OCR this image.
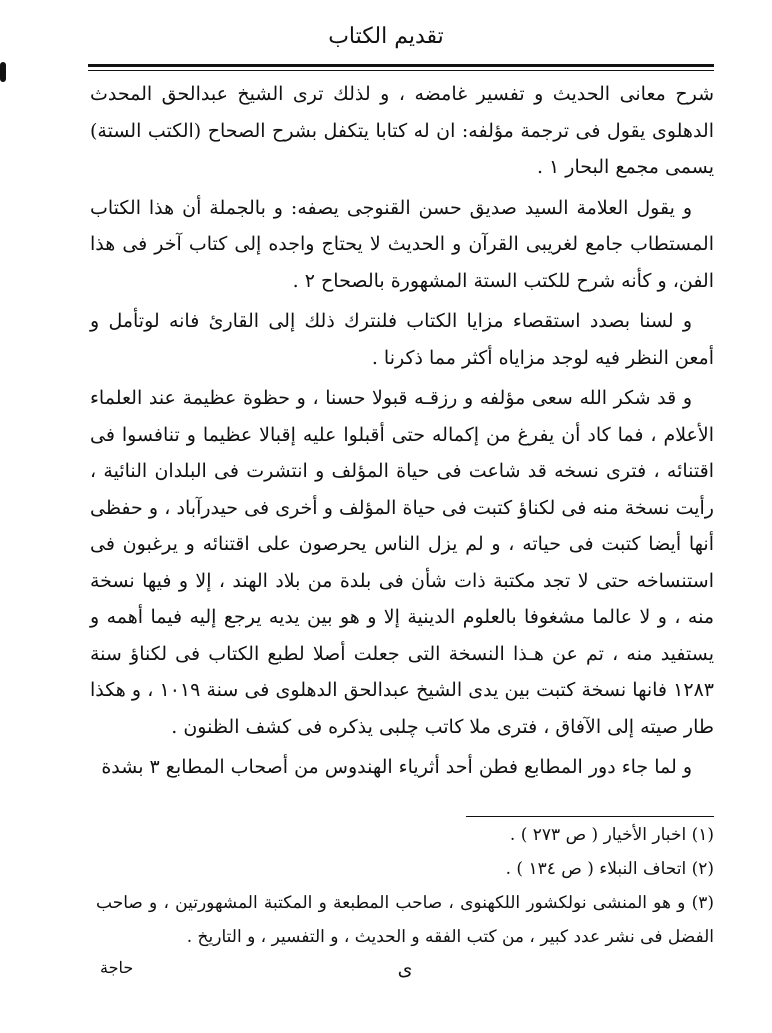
تقديم الكتاب

شرح معانى الحديث و تفسير غامضه ، و لذلك ترى الشيخ عبدالحق المحدث الدهلوى يقول فى ترجمة مؤلفه: ان له كتابا يتكفل بشرح الصحاح (الكتب الستة) يسمى مجمع البحار ١ .

و يقول العلامة السيد صديق حسن القنوجى يصفه: و بالجملة أن هذا الكتاب المستطاب جامع لغريبى القرآن و الحديث لا يحتاج واجده إلى كتاب آخر فى هذا الفن، و كأنه شرح للكتب الستة المشهورة بالصحاح ٢ .

و لسنا بصدد استقصاء مزايا الكتاب فلنترك ذلك إلى القارئ فانه لوتأمل و أمعن النظر فيه لوجد مزاياه أكثر مما ذكرنا .

و قد شكر الله سعى مؤلفه و رزقـه قبولا حسنا ، و حظوة عظيمة عند العلماء الأعلام ، فما كاد أن يفرغ من إكماله حتى أقبلوا عليه إقبالا عظيما و تنافسوا فى اقتنائه ، فترى نسخه قد شاعت فى حياة المؤلف و انتشرت فى البلدان النائية ، رأيت نسخة منه فى لكناؤ كتبت فى حياة المؤلف و أخرى فى حيدرآباد ، و حفظى أنها أيضا كتبت فى حياته ، و لم يزل الناس يحرصون على اقتنائه و يرغبون فى استنساخه حتى لا تجد مكتبة ذات شأن فى بلدة من بلاد الهند ، إلا و فيها نسخة منه ، و لا عالما مشغوفا بالعلوم الدينية إلا و هو بين يديه يرجع إليه فيما أهمه و يستفيد منه ، تم عن هـذا النسخة التى جعلت أصلا لطبع الكتاب فى لكناؤ سنة ١٢٨٣ فانها نسخة كتبت بين يدى الشيخ عبدالحق الدهلوى فى سنة ١٠١٩ ، و هكذا طار صيته إلى الآفاق ، فترى ملا كاتب چلبى يذكره فى كشف الظنون .

و لما جاء دور المطابع فطن أحد أثرياء الهندوس من أصحاب المطابع ٣ بشدة

(١) اخبار الأخيار ( ص ٢٧٣ ) .
(٢) اتحاف النبلاء ( ص ١٣٤ ) .
(٣) و هو المنشى نولكشور اللكهنوى ، صاحب المطبعة و المكتبة المشهورتين ، و صاحب الفضل فى نشر عدد كبير ، من كتب الفقه و الحديث ، و التفسير ، و التاريخ .
ى
حاجة
